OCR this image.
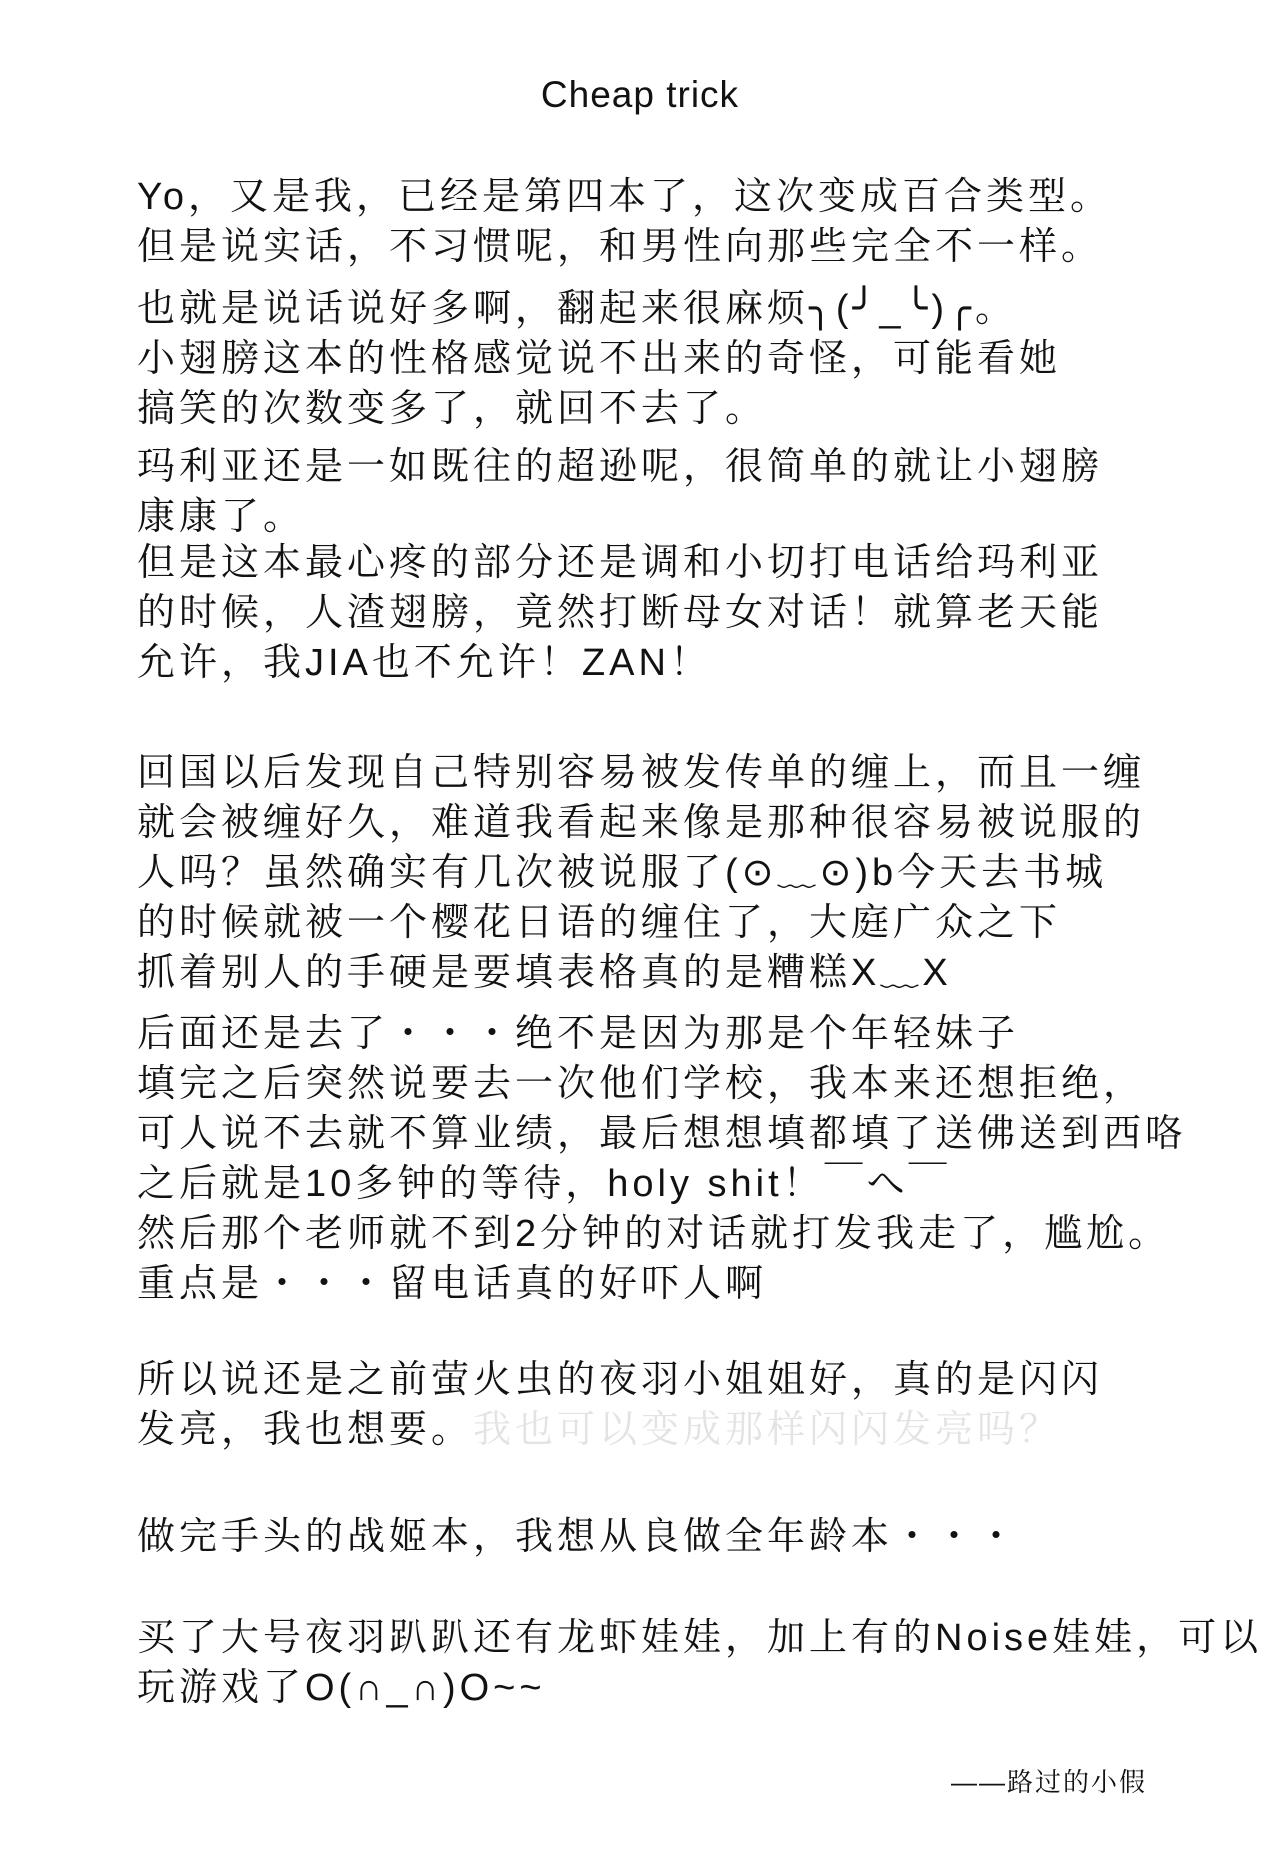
Cheap trick
Yo，又是我，已经是第四本了，这次变成百合类型。
但是说实话，不习惯呢，和男性向那些完全不一样。
也就是说话说好多啊，翻起来很麻烦╮(╯_╰)╭。
小翅膀这本的性格感觉说不出来的奇怪，可能看她
搞笑的次数变多了，就回不去了。
玛利亚还是一如既往的超逊呢，很简单的就让小翅膀
康康了。
但是这本最心疼的部分还是调和小切打电话给玛利亚
的时候，人渣翅膀，竟然打断母女对话！就算老天能
允许，我JIA也不允许！ZAN！
回国以后发现自己特别容易被发传单的缠上，而且一缠
就会被缠好久，难道我看起来像是那种很容易被说服的
人吗？虽然确实有几次被说服了(⊙﹏⊙)b今天去书城
的时候就被一个樱花日语的缠住了，大庭广众之下
抓着别人的手硬是要填表格真的是糟糕X﹏X
后面还是去了・・・绝不是因为那是个年轻妹子
填完之后突然说要去一次他们学校，我本来还想拒绝，
可人说不去就不算业绩，最后想想填都填了送佛送到西咯
之后就是10多钟的等待，holy shit！￣へ￣
然后那个老师就不到2分钟的对话就打发我走了，尴尬。
重点是・・・留电话真的好吓人啊
所以说还是之前萤火虫的夜羽小姐姐好，真的是闪闪
发亮，我也想要。我也可以变成那样闪闪发亮吗？
做完手头的战姬本，我想从良做全年龄本・・・
买了大号夜羽趴趴还有龙虾娃娃，加上有的Noise娃娃，可以
玩游戏了O(∩_∩)O~~
——路过的小假
